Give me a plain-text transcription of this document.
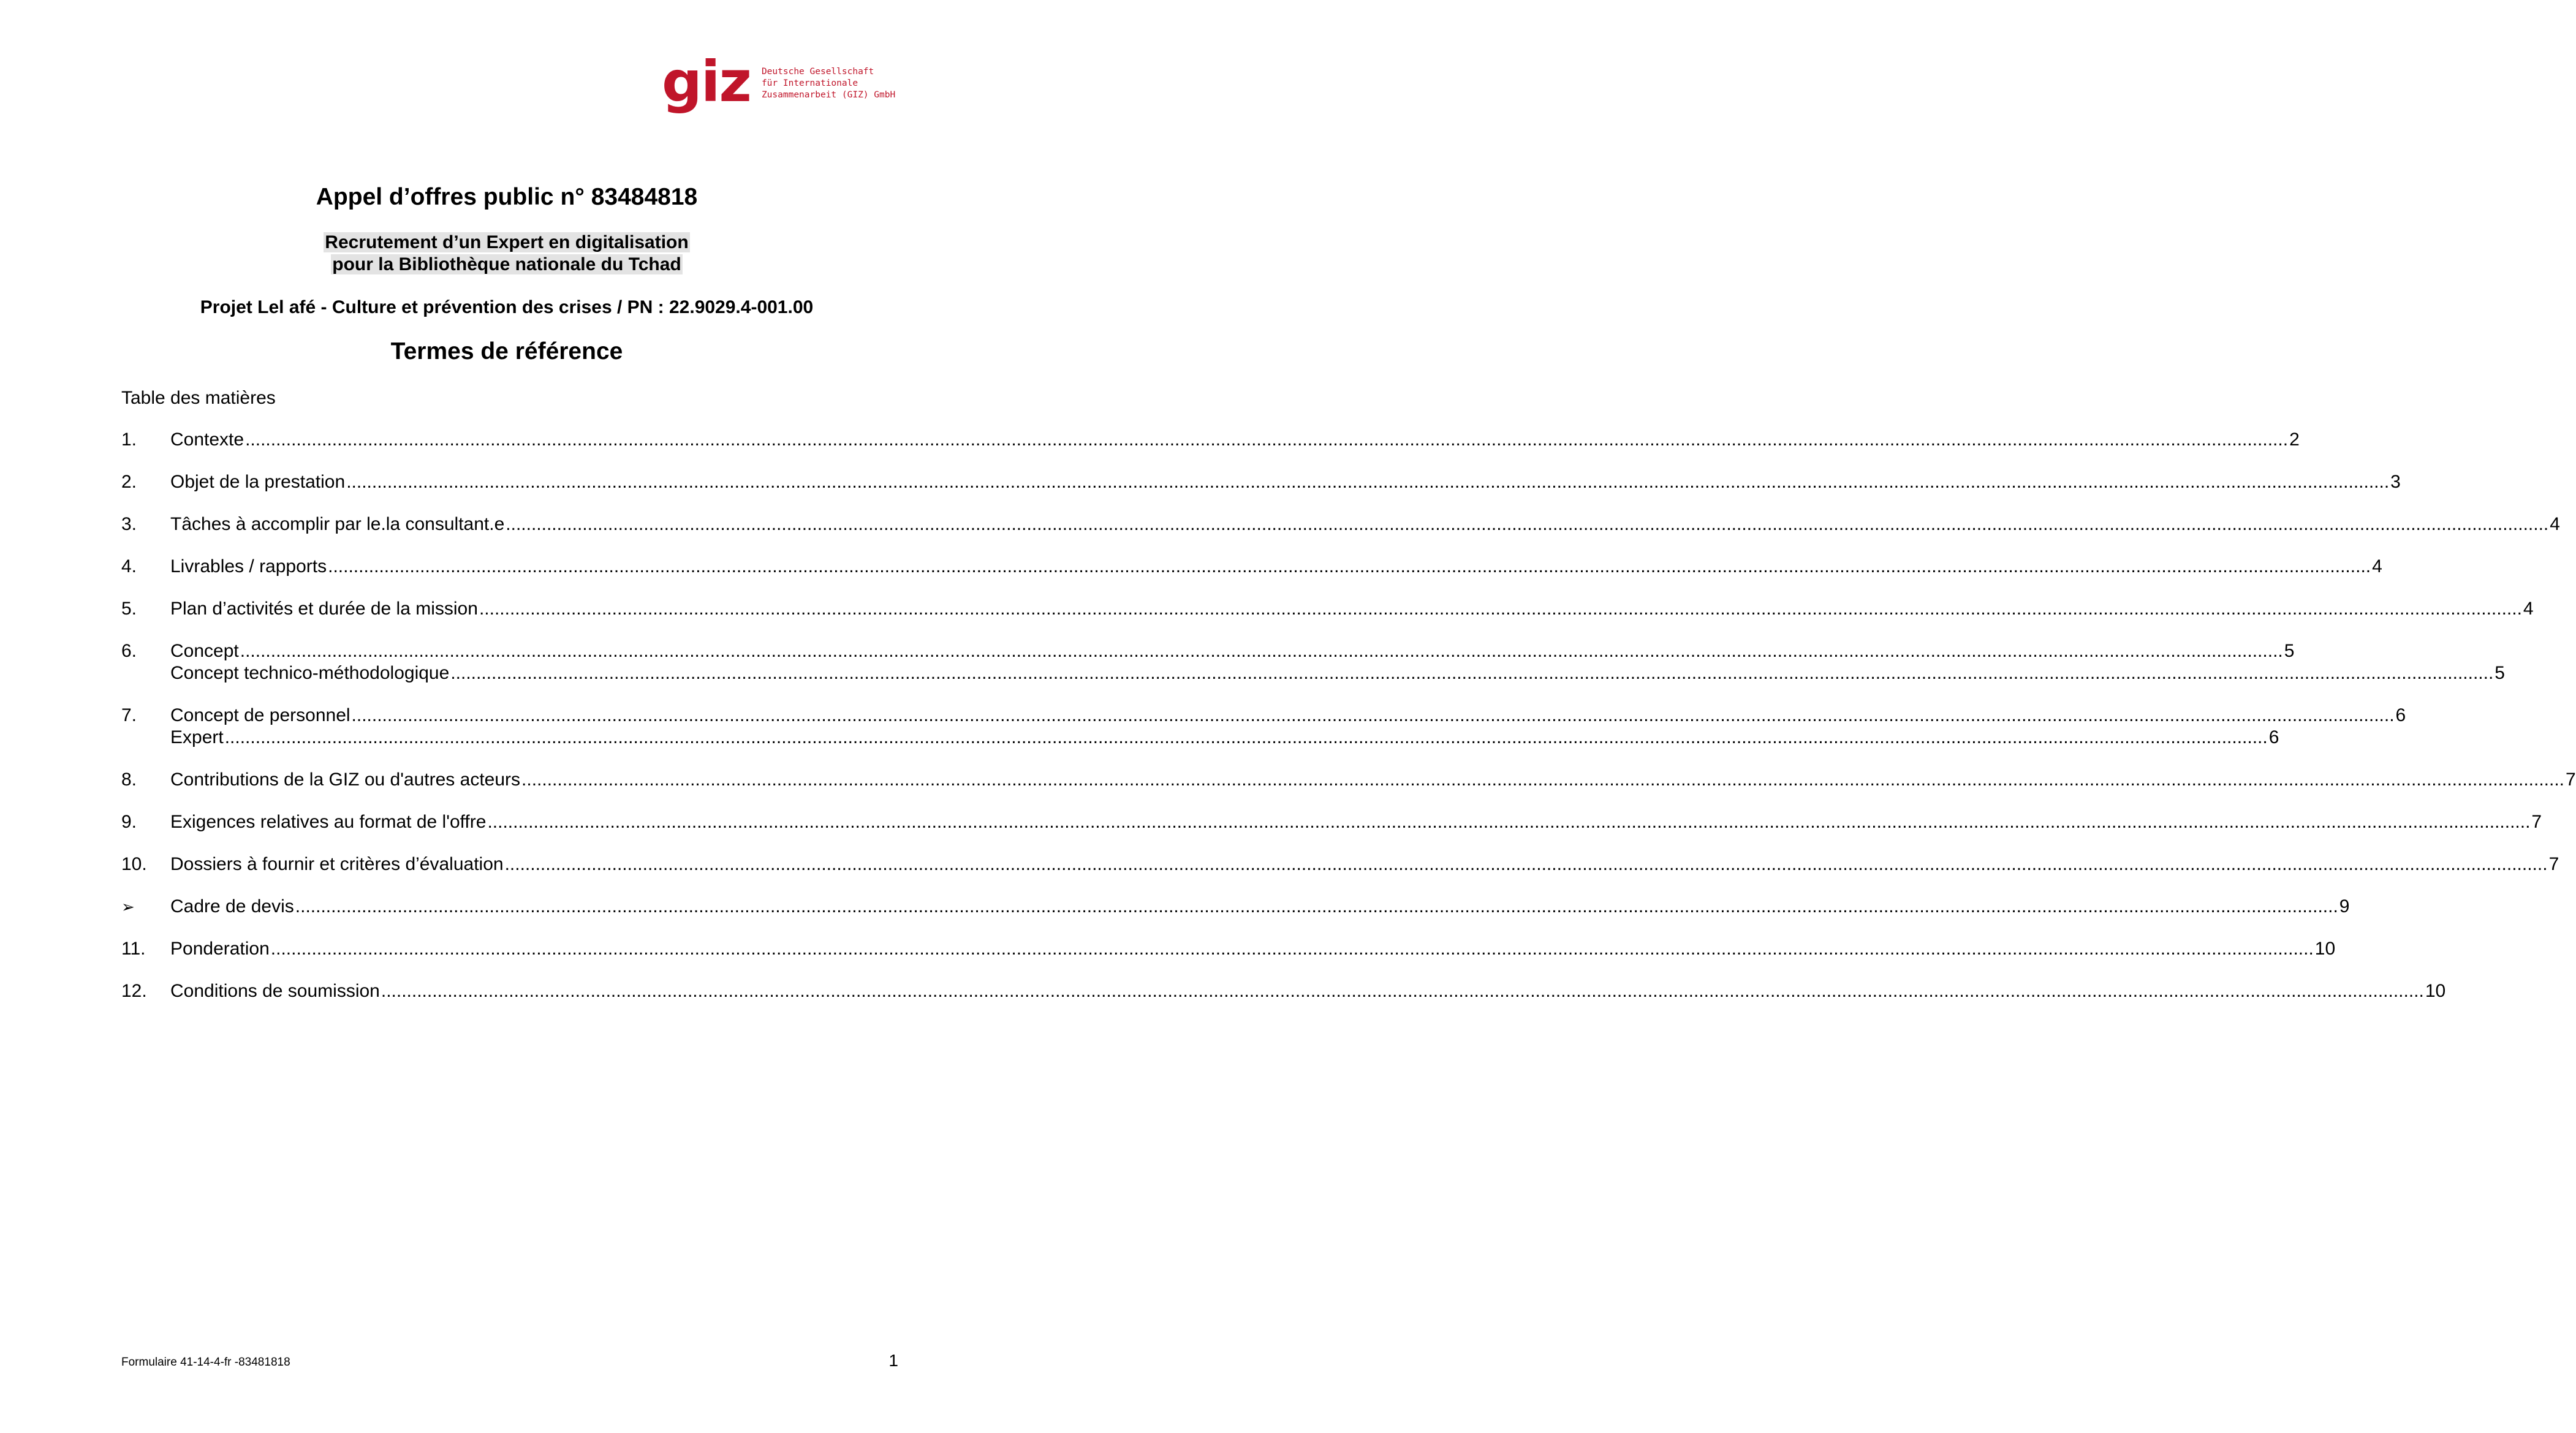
giz Deutsche Gesellschaft
für Internationale
Zusammenarbeit (GIZ) GmbH
Appel d’offres public n° 83484818
Recrutement d’un Expert en digitalisation
pour la Bibliothèque nationale du Tchad
Projet Lel afé - Culture et prévention des crises / PN : 22.9029.4-001.00
Termes de référence
Table des matières
1.	Contexte ................................................................................................................................................................................................................................................................................................................................................................................................................ 2
2.	Objet de la prestation ................................................................................................................................................................................................................................................................................................................................................................................................................ 3
3.	Tâches à accomplir par le.la consultant.e ................................................................................................................................................................................................................................................................................................................................................................................................................ 4
4.	Livrables / rapports ................................................................................................................................................................................................................................................................................................................................................................................................................ 4
5.	Plan d’activités et durée de la mission ................................................................................................................................................................................................................................................................................................................................................................................................................ 4
6.	Concept ................................................................................................................................................................................................................................................................................................................................................................................................................ 5
Concept technico-méthodologique ................................................................................................................................................................................................................................................................................................................................................................................................................ 5
7.	Concept de personnel ................................................................................................................................................................................................................................................................................................................................................................................................................ 6
Expert ................................................................................................................................................................................................................................................................................................................................................................................................................ 6
8.	Contributions de la GIZ ou d'autres acteurs ................................................................................................................................................................................................................................................................................................................................................................................................................ 7
9.	Exigences relatives au format de l'offre ................................................................................................................................................................................................................................................................................................................................................................................................................ 7
10.	Dossiers à fournir et critères d’évaluation ................................................................................................................................................................................................................................................................................................................................................................................................................ 7
➢	Cadre de devis ................................................................................................................................................................................................................................................................................................................................................................................................................ 9
11.	Ponderation ................................................................................................................................................................................................................................................................................................................................................................................................................ 10
12.	Conditions de soumission ................................................................................................................................................................................................................................................................................................................................................................................................................ 10
Formulaire 41-14-4-fr -83481818	1
